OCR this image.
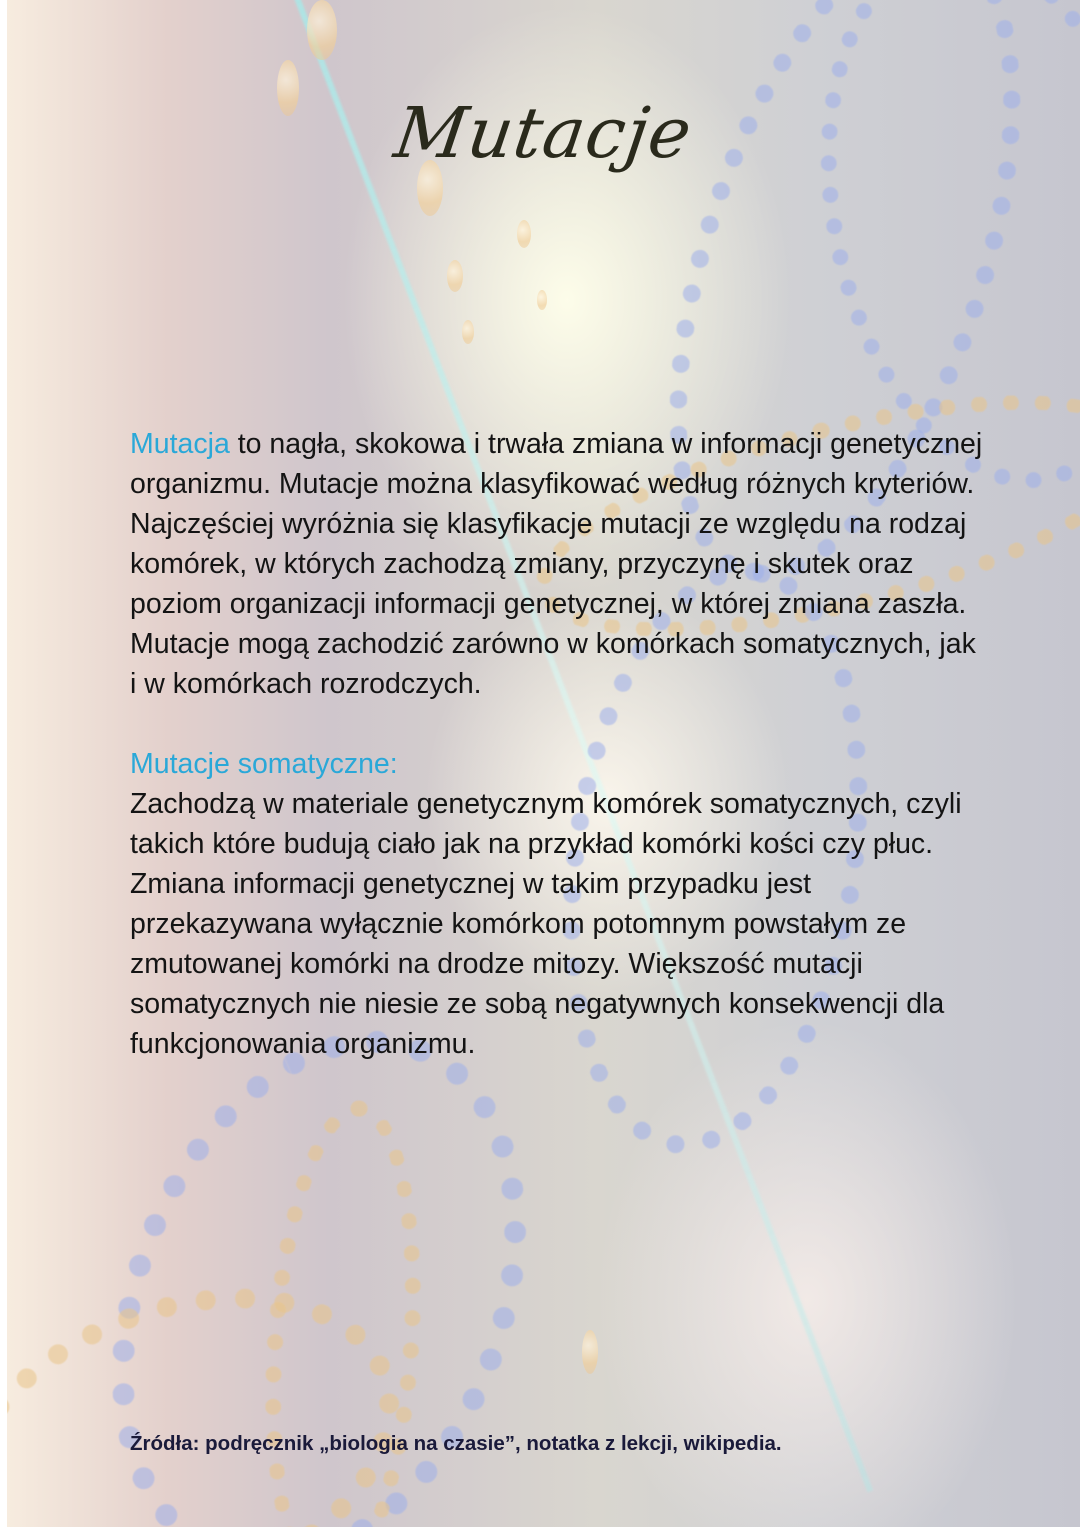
Mutacje

Mutacja to nagła, skokowa i trwała zmiana w informacji genetycznej organizmu. Mutacje można klasyfikować według różnych kryteriów. Najczęściej wyróżnia się klasyfikacje mutacji ze względu na rodzaj komórek, w których zachodzą zmiany, przyczynę i skutek oraz poziom organizacji informacji genetycznej, w której zmiana zaszła.

Mutacje mogą zachodzić zarówno w komórkach somatycznych, jak i w komórkach rozrodczych.

Mutacje somatyczne:

Zachodzą w materiale genetycznym komórek somatycznych, czyli takich które budują ciało jak na przykład komórki kości czy płuc. Zmiana informacji genetycznej w takim przypadku jest przekazywana wyłącznie komórkom potomnym powstałym ze zmutowanej komórki na drodze mitozy. Większość mutacji somatycznych nie niesie ze sobą negatywnych konsekwencji dla funkcjonowania organizmu.

Źródła: podręcznik „biologia na czasie”, notatka z lekcji, wikipedia.
